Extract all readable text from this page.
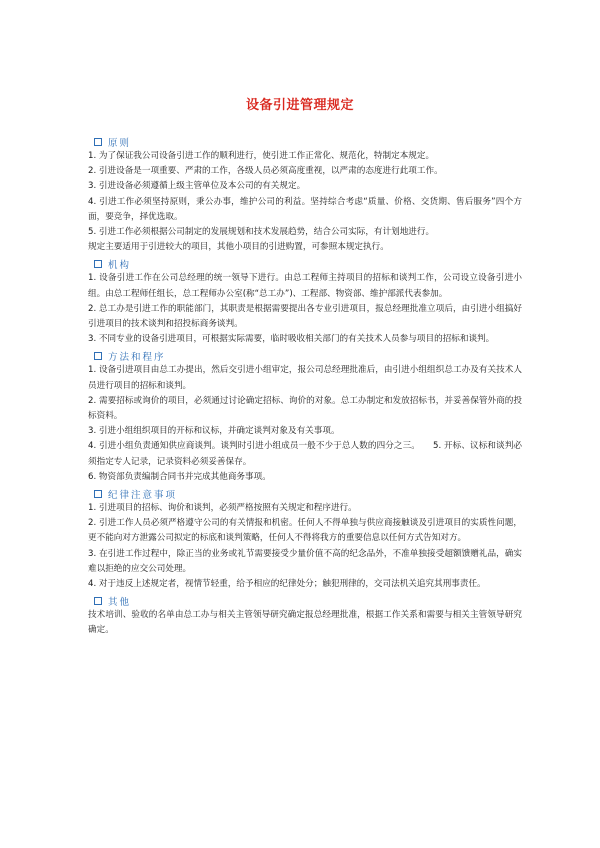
设备引进管理规定
原则

1. 为了保证我公司设备引进工作的顺利进行，使引进工作正常化、规范化，特制定本规定。

2. 引进设备是一项重要、严肃的工作，各级人员必须高度重视，以严肃的态度进行此项工作。

3. 引进设备必须遵循上级主管单位及本公司的有关规定。

4. 引进工作必须坚持原则，秉公办事，维护公司的利益。坚持综合考虑“质量、价格、交货期、售后服务”四个方面，要竞争，择优选取。

5. 引进工作必须根据公司制定的发展规划和技术发展趋势，结合公司实际，有计划地进行。

规定主要适用于引进较大的项目，其他小项目的引进购置，可参照本规定执行。

机构

1. 设备引进工作在公司总经理的统一领导下进行。由总工程师主持项目的招标和谈判工作，公司设立设备引进小组。由总工程师任组长，总工程师办公室(称“总工办”)、工程部、物资部、维护部派代表参加。

2. 总工办是引进工作的职能部门，其职责是根据需要提出各专业引进项目，报总经理批准立项后，由引进小组搞好引进项目的技术谈判和招投标商务谈判。

3. 不同专业的设备引进项目，可根据实际需要，临时吸收相关部门的有关技术人员参与项目的招标和谈判。

方法和程序

1. 设备引进项目由总工办提出，然后交引进小组审定，报公司总经理批准后，由引进小组组织总工办及有关技术人员进行项目的招标和谈判。

2. 需要招标或询价的项目，必须通过讨论确定招标、询价的对象。总工办制定和发放招标书，并妥善保管外商的投标资料。

3. 引进小组组织项目的开标和议标，并确定谈判对象及有关事项。

4. 引进小组负责通知供应商谈判。谈判时引进小组成员一般不少于总人数的四分之三。　　5. 开标、议标和谈判必须指定专人记录，记录资料必须妥善保存。

6. 物资部负责编制合同书并完成其他商务事项。

纪律注意事项

1. 引进项目的招标、询价和谈判，必须严格按照有关规定和程序进行。

2. 引进工作人员必须严格遵守公司的有关情报和机密。任何人不得单独与供应商接触谈及引进项目的实质性问题，更不能向对方泄露公司拟定的标底和谈判策略，任何人不得将我方的重要信息以任何方式告知对方。

3. 在引进工作过程中，除正当的业务或礼节需要接受少量价值不高的纪念品外，不准单独接受超额馈赠礼品，确实难以拒绝的应交公司处理。

4. 对于违反上述规定者，视情节轻重，给予相应的纪律处分；触犯刑律的，交司法机关追究其刑事责任。

其他

技术培训、验收的名单由总工办与相关主管领导研究确定报总经理批准，根据工作关系和需要与相关主管领导研究确定。
